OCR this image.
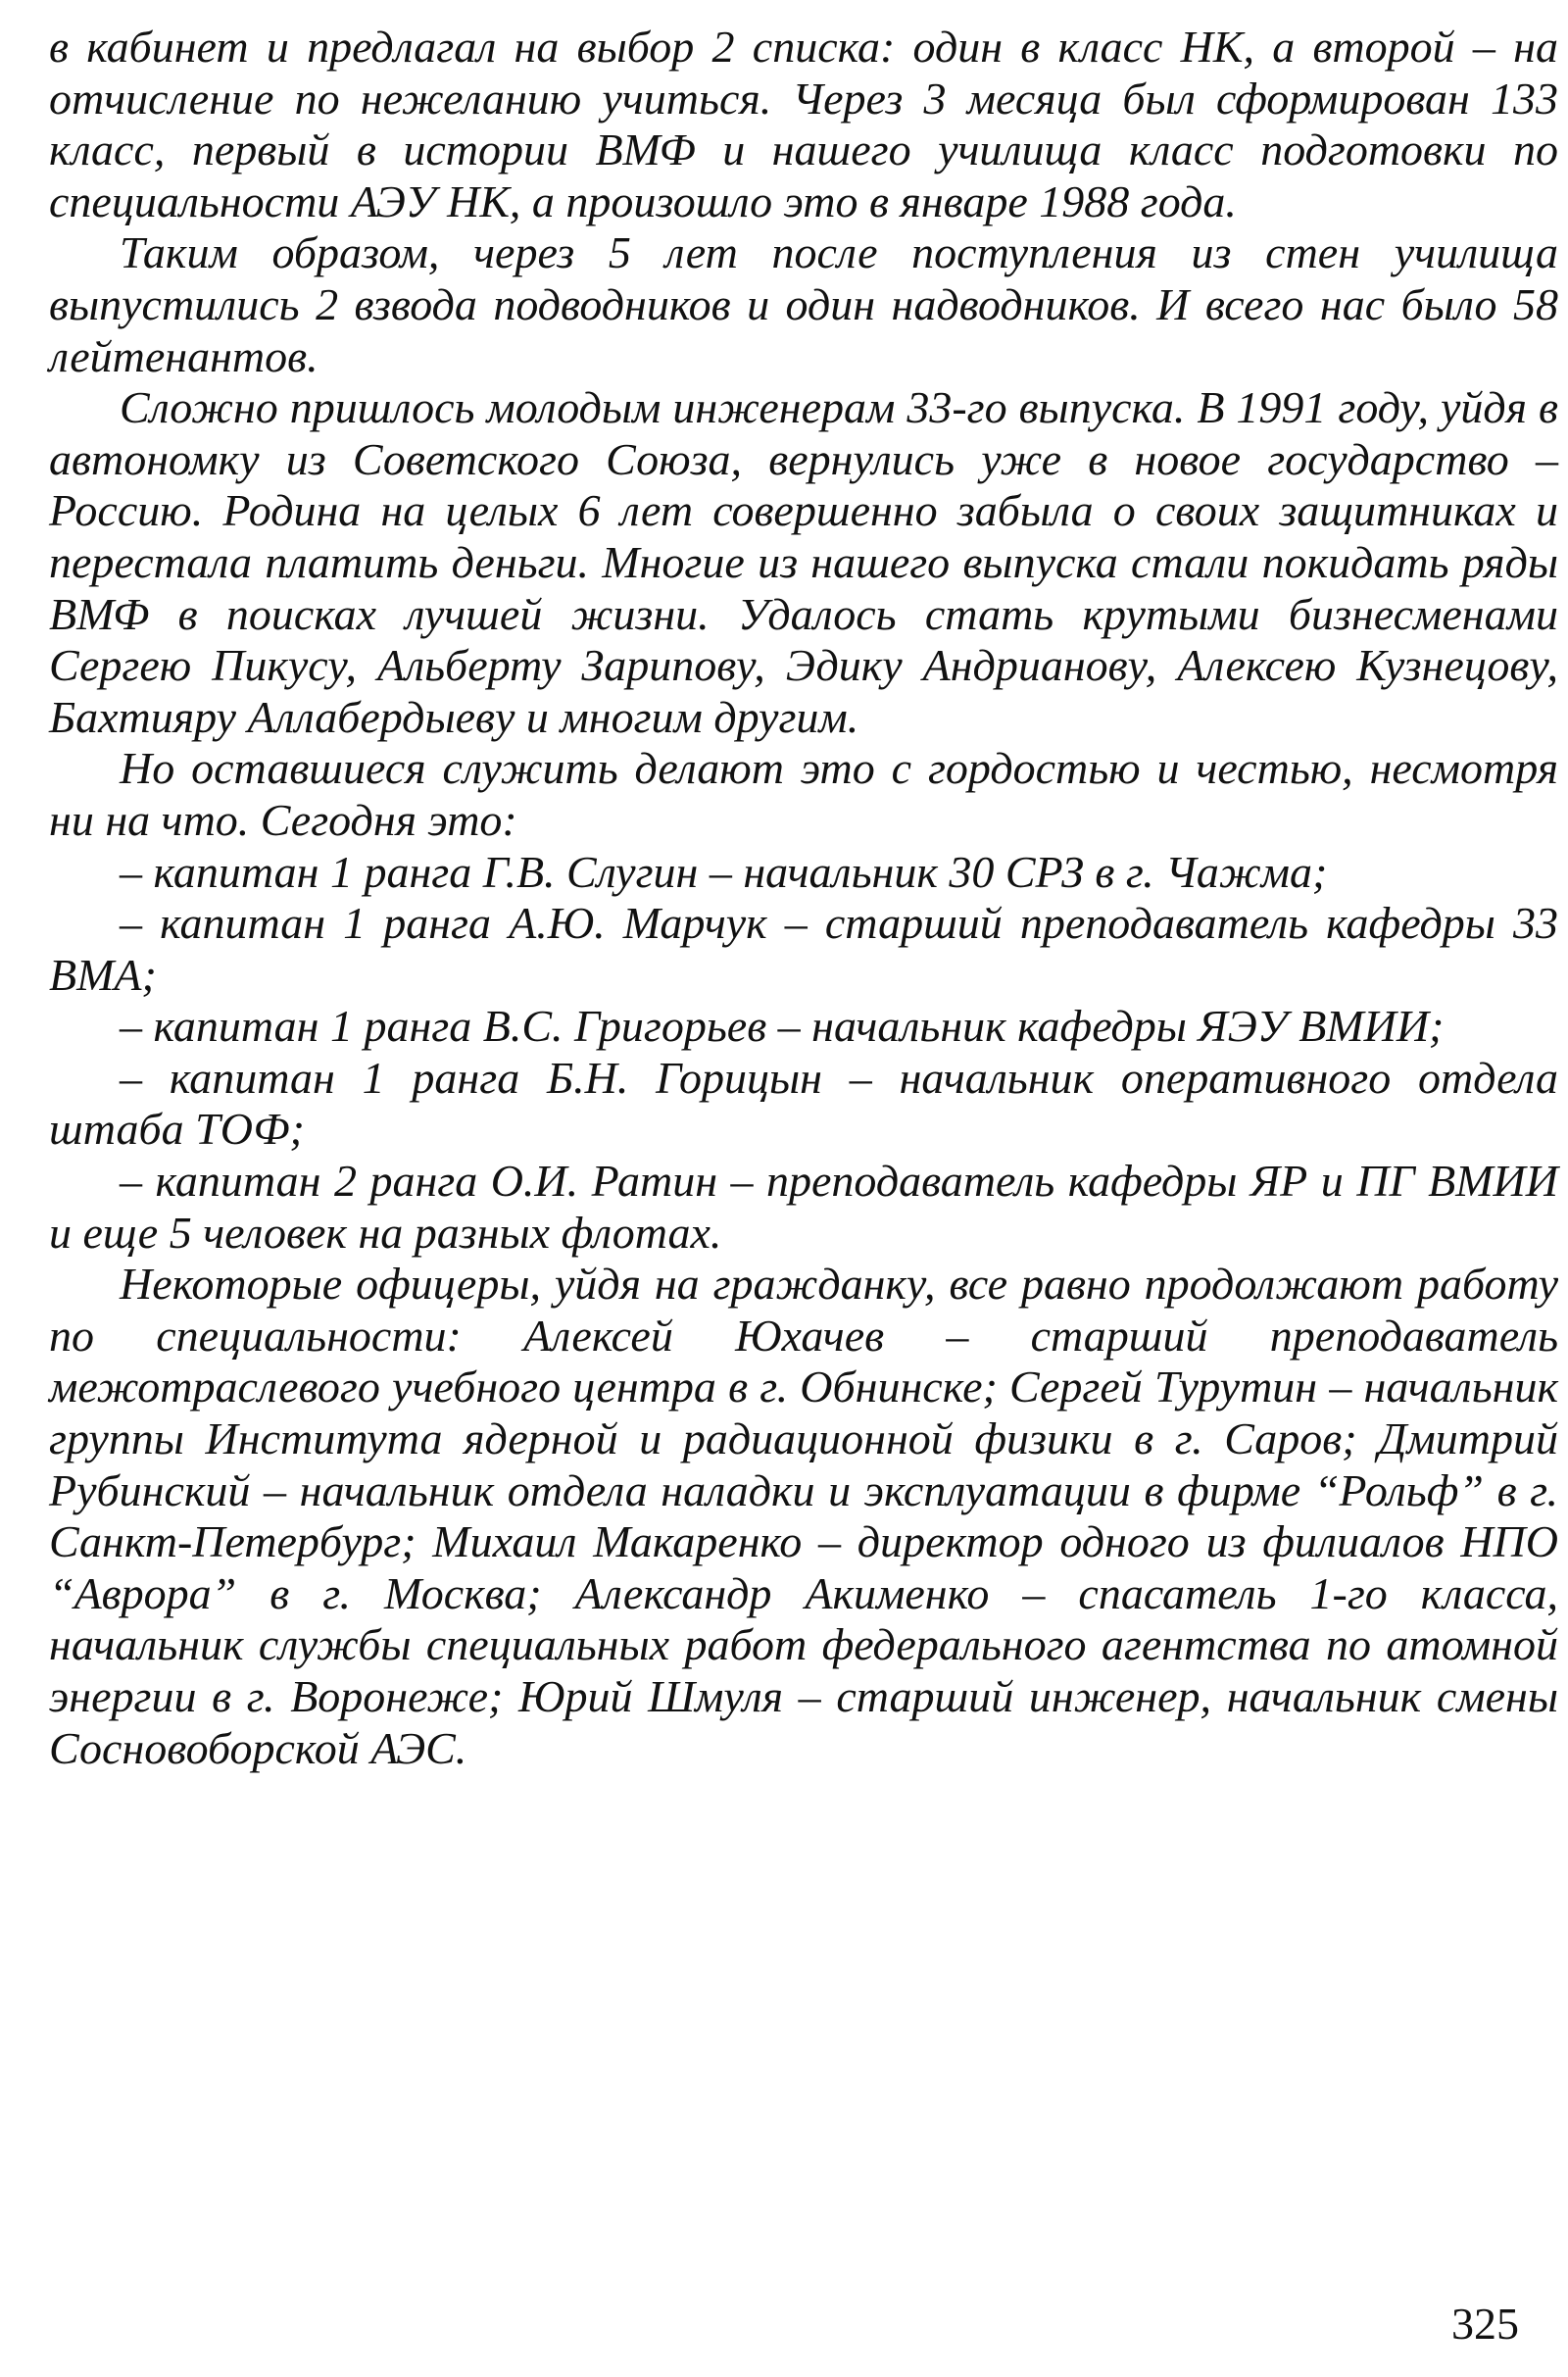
в кабинет и предлагал на выбор 2 списка: один в класс НК, а второй – на отчисление по нежеланию учиться. Через 3 месяца был сформирован 133 класс, первый в истории ВМФ и нашего училища класс подготовки по специальности АЭУ НК, а произошло это в январе 1988 года.

Таким образом, через 5 лет после поступления из стен училища выпустились 2 взвода подводников и один надводников. И всего нас было 58 лейтенантов.

Сложно пришлось молодым инженерам 33-го выпуска. В 1991 году, уйдя в автономку из Советского Союза, вернулись уже в новое государство – Россию. Родина на целых 6 лет совершенно забыла о своих защитниках и перестала платить деньги. Многие из нашего выпуска стали покидать ряды ВМФ в поисках лучшей жизни. Удалось стать крутыми бизнесменами Сергею Пикусу, Альберту Зарипову, Эдику Андрианову, Алексею Кузнецову, Бахтияру Аллабердыеву и многим другим.

Но оставшиеся служить делают это с гордостью и честью, несмотря ни на что. Сегодня это:

– капитан 1 ранга Г.В. Слугин – начальник 30 СРЗ в г. Чажма;

– капитан 1 ранга А.Ю. Марчук – старший преподаватель кафедры 33 ВМА;

– капитан 1 ранга В.С. Григорьев – начальник кафедры ЯЭУ ВМИИ;

– капитан 1 ранга Б.Н. Горицын – начальник оперативного отдела штаба ТОФ;

– капитан 2 ранга О.И. Ратин – преподаватель кафедры ЯР и ПГ ВМИИ и еще 5 человек на разных флотах.

Некоторые офицеры, уйдя на гражданку, все равно продолжают работу по специальности: Алексей Юхачев – старший преподаватель межотраслевого учебного центра в г. Обнинске; Сергей Турутин – начальник группы Института ядерной и радиационной физики в г. Саров; Дмитрий Рубинский – начальник отдела наладки и эксплуатации в фирме “Рольф” в г. Санкт-Петербург; Михаил Макаренко – директор одного из филиалов НПО “Аврора” в г. Москва; Александр Акименко – спасатель 1-го класса, начальник службы специальных работ федерального агентства по атомной энергии в г. Воронеже; Юрий Шмуля – старший инженер, начальник смены Сосновоборской АЭС.

325
